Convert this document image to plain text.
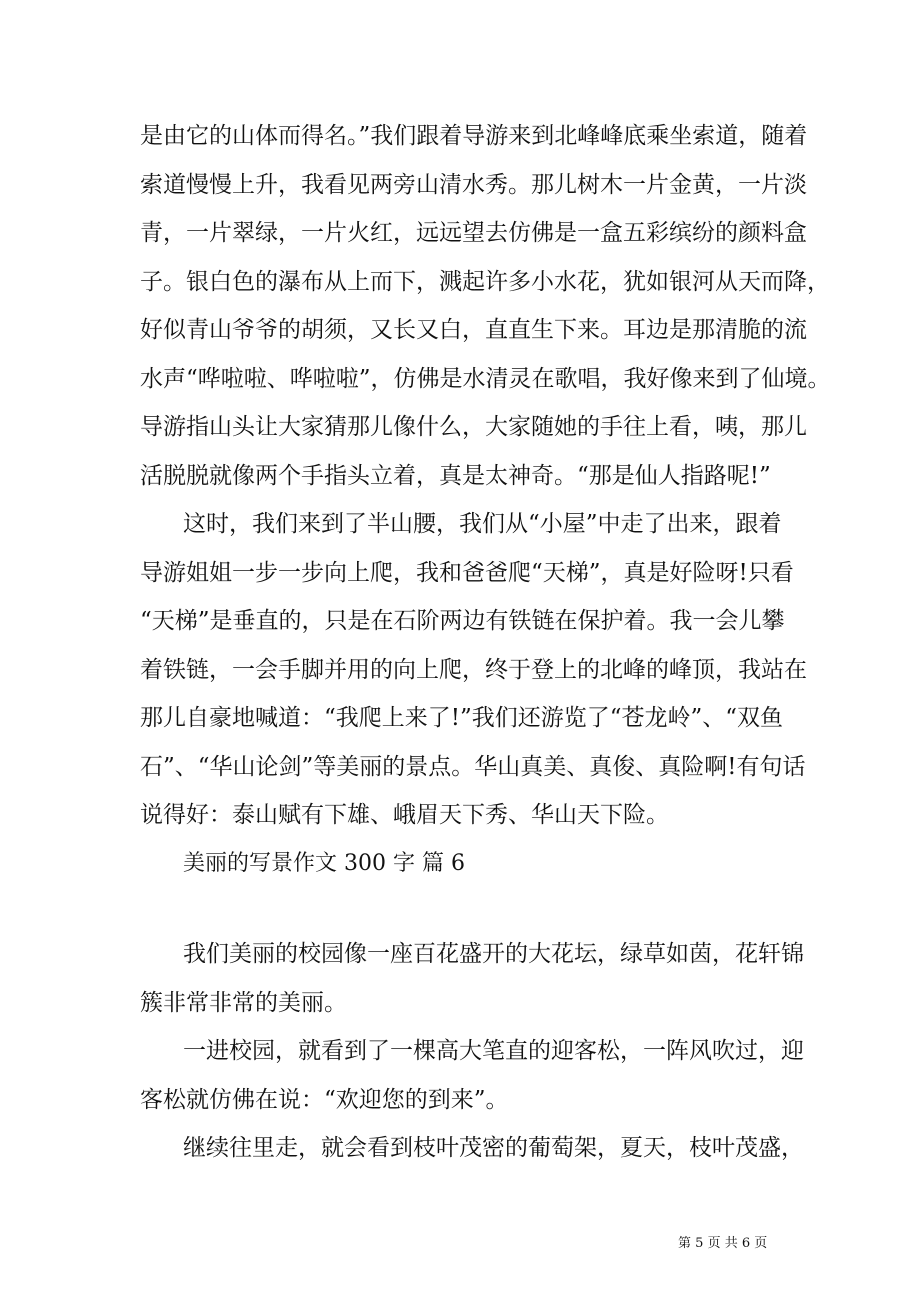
是由它的山体而得名。”我们跟着导游来到北峰峰底乘坐索道，随着
索道慢慢上升，我看见两旁山清水秀。那儿树木一片金黄，一片淡
青，一片翠绿，一片火红，远远望去仿佛是一盒五彩缤纷的颜料盒
子。银白色的瀑布从上而下，溅起许多小水花，犹如银河从天而降，
好似青山爷爷的胡须，又长又白，直直生下来。耳边是那清脆的流
水声“哗啦啦、哗啦啦”，仿佛是水清灵在歌唱，我好像来到了仙境。
导游指山头让大家猜那儿像什么，大家随她的手往上看，咦，那儿
活脱脱就像两个手指头立着，真是太神奇。“那是仙人指路呢!”
这时，我们来到了半山腰，我们从“小屋”中走了出来，跟着
导游姐姐一步一步向上爬，我和爸爸爬“天梯”，真是好险呀!只看
“天梯”是垂直的，只是在石阶两边有铁链在保护着。我一会儿攀
着铁链，一会手脚并用的向上爬，终于登上的北峰的峰顶，我站在
那儿自豪地喊道：“我爬上来了!”我们还游览了“苍龙岭”、“双鱼
石”、“华山论剑”等美丽的景点。华山真美、真俊、真险啊!有句话
说得好：泰山赋有下雄、峨眉天下秀、华山天下险。
美丽的写景作文 300 字 篇 6
我们美丽的校园像一座百花盛开的大花坛，绿草如茵，花轩锦
簇非常非常的美丽。
一进校园，就看到了一棵高大笔直的迎客松，一阵风吹过，迎
客松就仿佛在说：“欢迎您的到来”。
继续往里走，就会看到枝叶茂密的葡萄架，夏天，枝叶茂盛，
第 5 页 共 6 页
